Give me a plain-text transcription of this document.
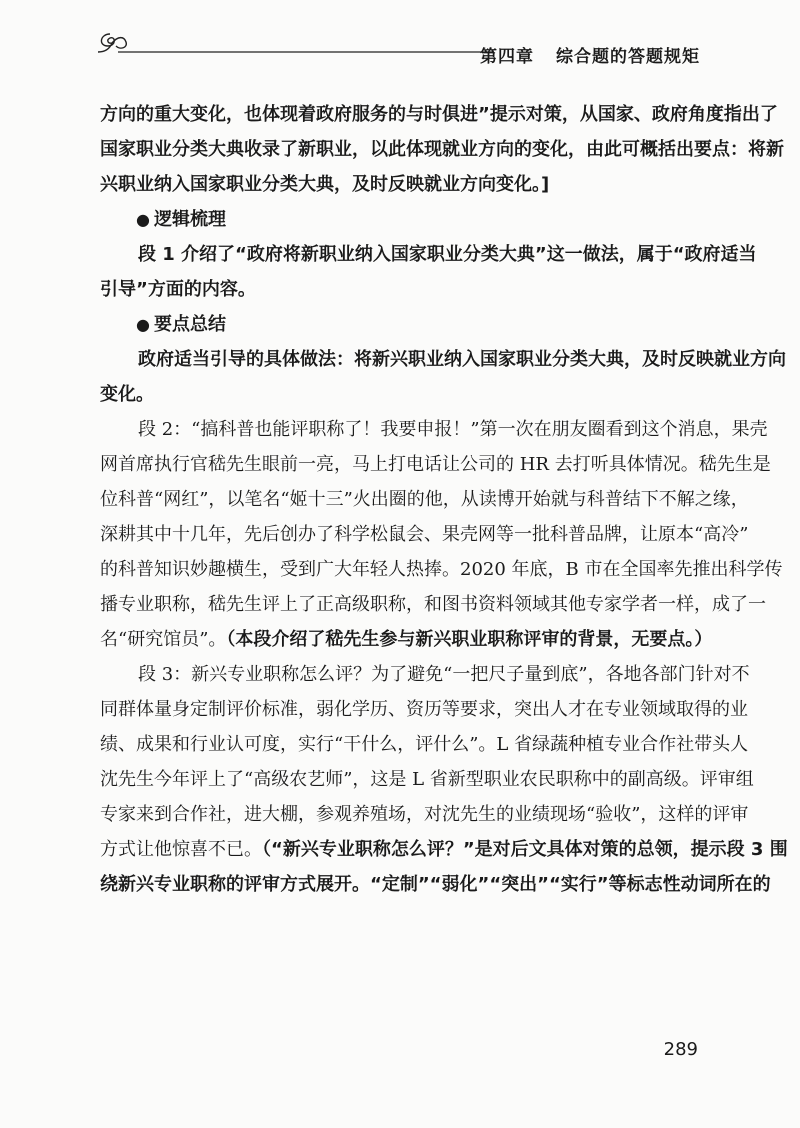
第四章 综合题的答题规矩
方向的重大变化，也体现着政府服务的与时俱进”提示对策，从国家、政府角度指出了
国家职业分类大典收录了新职业，以此体现就业方向的变化，由此可概括出要点：将新
兴职业纳入国家职业分类大典，及时反映就业方向变化。]
● 逻辑梳理
段 1 介绍了“政府将新职业纳入国家职业分类大典”这一做法，属于“政府适当
引导”方面的内容。
● 要点总结
政府适当引导的具体做法：将新兴职业纳入国家职业分类大典，及时反映就业方向
变化。
段 2：“搞科普也能评职称了！我要申报！”第一次在朋友圈看到这个消息，果壳
网首席执行官嵇先生眼前一亮，马上打电话让公司的 HR 去打听具体情况。嵇先生是
位科普“网红”，以笔名“姬十三”火出圈的他，从读博开始就与科普结下不解之缘，
深耕其中十几年，先后创办了科学松鼠会、果壳网等一批科普品牌，让原本“高冷”
的科普知识妙趣横生，受到广大年轻人热捧。2020 年底，B 市在全国率先推出科学传
播专业职称，嵇先生评上了正高级职称，和图书资料领域其他专家学者一样，成了一
名“研究馆员”。（本段介绍了嵇先生参与新兴职业职称评审的背景，无要点。）
段 3：新兴专业职称怎么评？为了避免“一把尺子量到底”，各地各部门针对不
同群体量身定制评价标准，弱化学历、资历等要求，突出人才在专业领域取得的业
绩、成果和行业认可度，实行“干什么，评什么”。L 省绿蔬种植专业合作社带头人
沈先生今年评上了“高级农艺师”，这是 L 省新型职业农民职称中的副高级。评审组
专家来到合作社，进大棚，参观养殖场，对沈先生的业绩现场“验收”，这样的评审
方式让他惊喜不已。（“新兴专业职称怎么评？”是对后文具体对策的总领，提示段 3 围
绕新兴专业职称的评审方式展开。“定制”“弱化”“突出”“实行”等标志性动词所在的
289
